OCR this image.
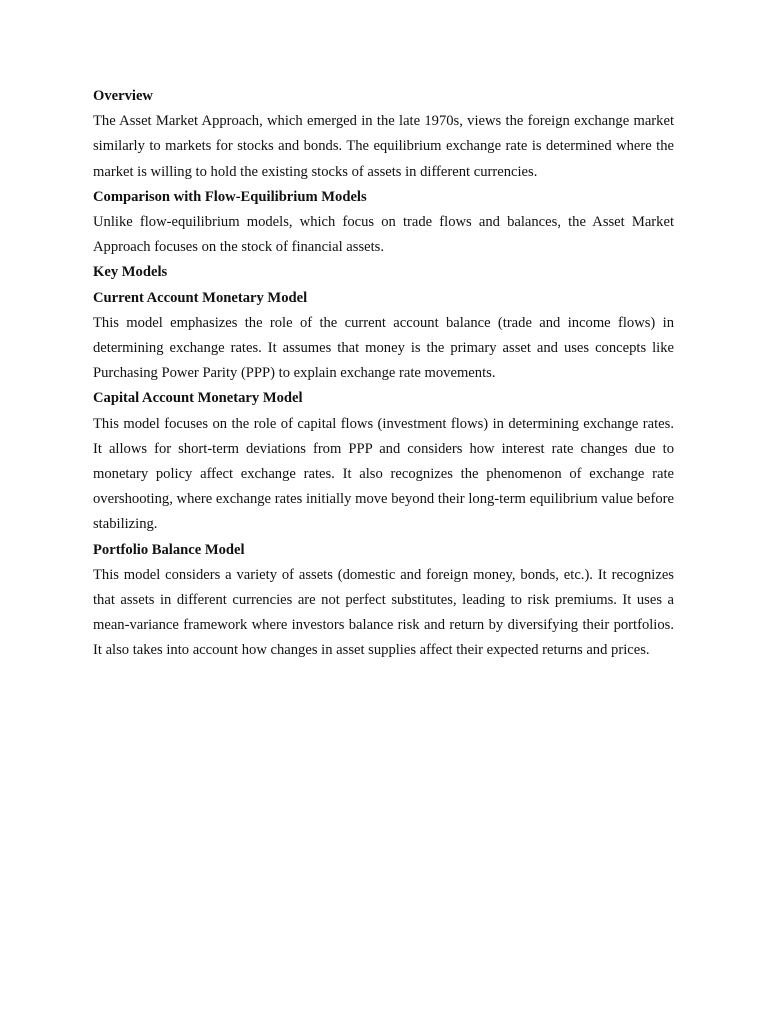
Overview

The Asset Market Approach, which emerged in the late 1970s, views the foreign exchange market similarly to markets for stocks and bonds. The equilibrium exchange rate is determined where the market is willing to hold the existing stocks of assets in different currencies.

Comparison with Flow-Equilibrium Models

Unlike flow-equilibrium models, which focus on trade flows and balances, the Asset Market Approach focuses on the stock of financial assets.

Key Models

Current Account Monetary Model

This model emphasizes the role of the current account balance (trade and income flows) in determining exchange rates. It assumes that money is the primary asset and uses concepts like Purchasing Power Parity (PPP) to explain exchange rate movements.

Capital Account Monetary Model

This model focuses on the role of capital flows (investment flows) in determining exchange rates. It allows for short-term deviations from PPP and considers how interest rate changes due to monetary policy affect exchange rates. It also recognizes the phenomenon of exchange rate overshooting, where exchange rates initially move beyond their long-term equilibrium value before stabilizing.

Portfolio Balance Model

This model considers a variety of assets (domestic and foreign money, bonds, etc.). It recognizes that assets in different currencies are not perfect substitutes, leading to risk premiums. It uses a mean-variance framework where investors balance risk and return by diversifying their portfolios. It also takes into account how changes in asset supplies affect their expected returns and prices.
